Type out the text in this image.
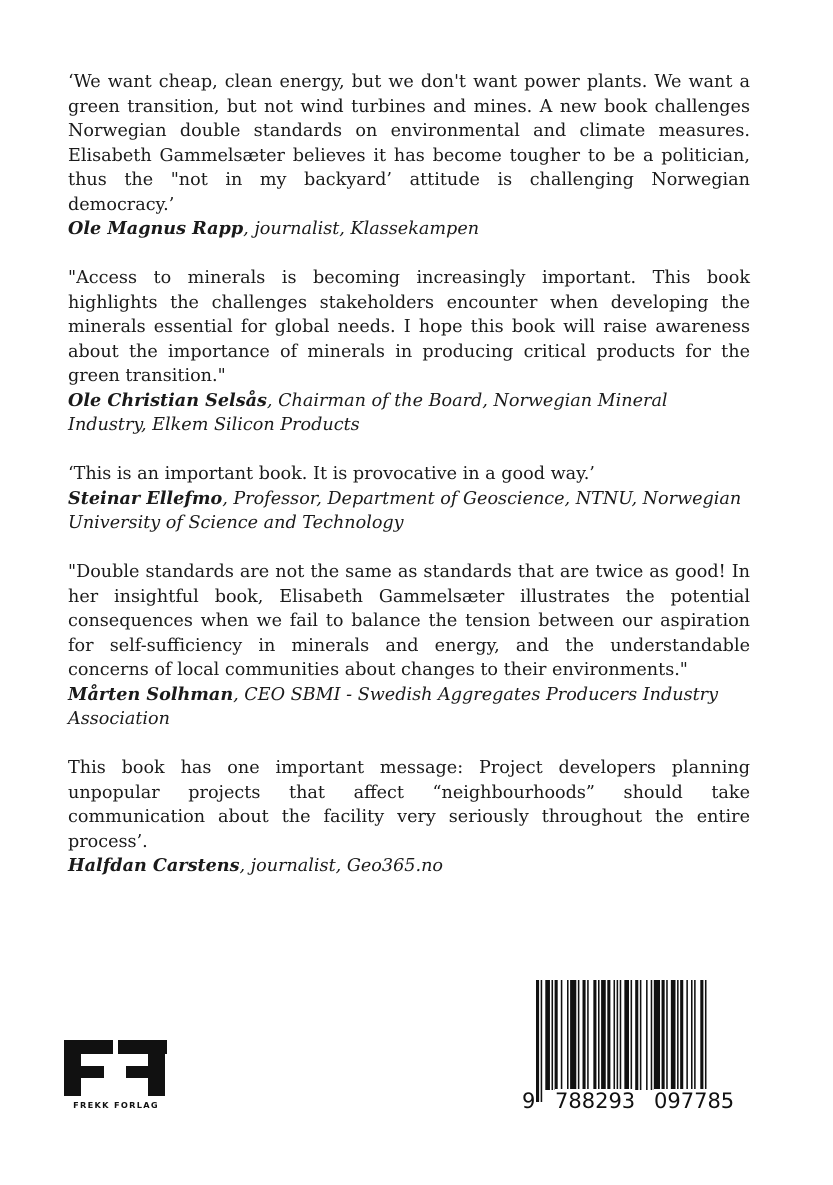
‘We want cheap, clean energy, but we don't want power plants. We want a green transition, but not wind turbines and mines. A new book challenges Norwegian double standards on environmental and climate measures. Elisabeth Gammelsæter believes it has become tougher to be a politician, thus the "not in my backyard’ attitude is challenging Norwegian democracy.’

Ole Magnus Rapp, journalist, Klassekampen

"Access to minerals is becoming increasingly important. This book highlights the challenges stakeholders encounter when developing the minerals essential for global needs. I hope this book will raise awareness about the importance of minerals in producing critical products for the green transition."

Ole Christian Selsås, Chairman of the Board, Norwegian Mineral Industry, Elkem Silicon Products

‘This is an important book. It is provocative in a good way.’

Steinar Ellefmo, Professor, Department of Geoscience, NTNU, Norwegian University of Science and Technology

"Double standards are not the same as standards that are twice as good! In her insightful book, Elisabeth Gammelsæter illustrates the potential consequences when we fail to balance the tension between our aspiration for self-sufficiency in minerals and energy, and the understandable concerns of local communities about changes to their environments."

Mårten Solhman, CEO SBMI - Swedish Aggregates Producers Industry Association

This book has one important message: Project developers planning unpopular projects that affect “neighbourhoods” should take communication about the facility very seriously throughout the entire process’.

Halfdan Carstens, journalist, Geo365.no

FREKK FORLAG	9 788293 097785
